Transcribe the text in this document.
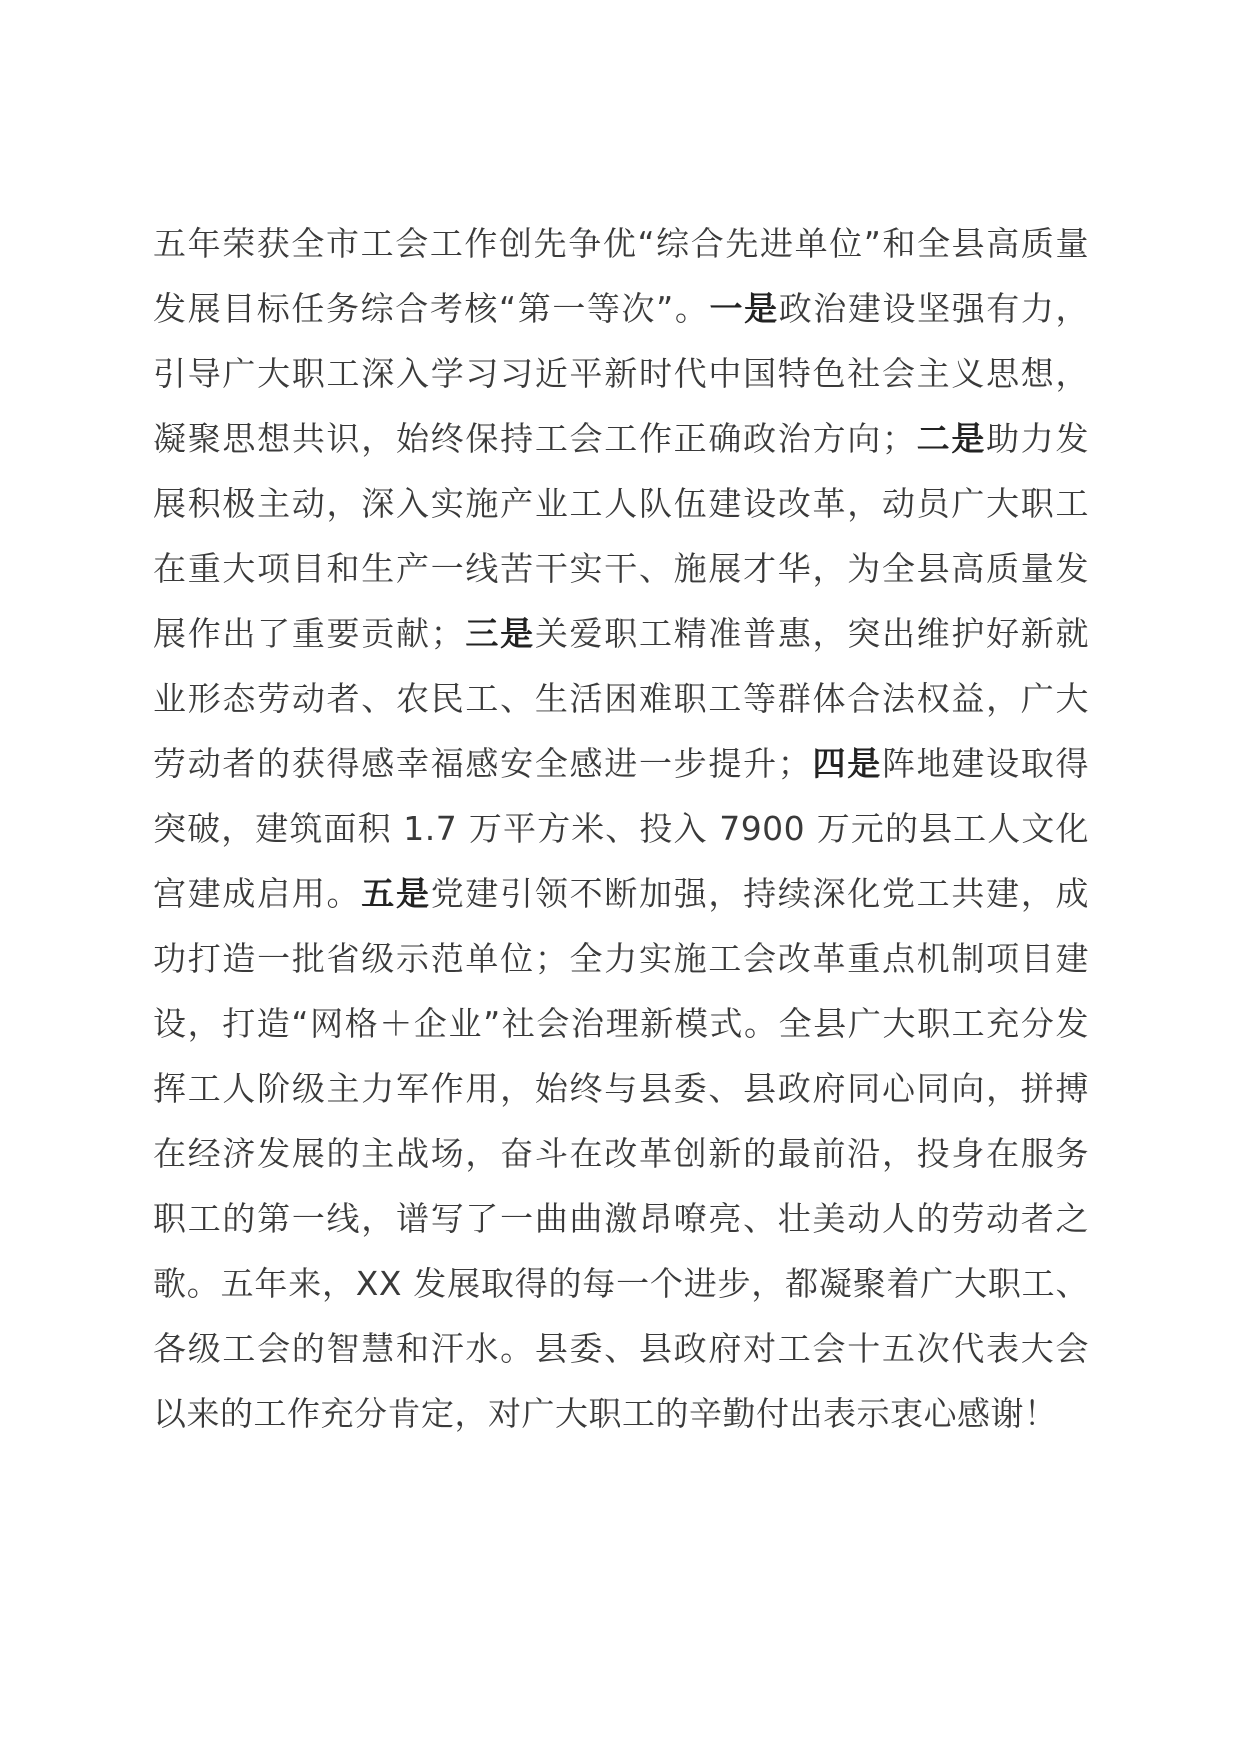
五年荣获全市工会工作创先争优“综合先进单位”和全县高质量发展目标任务综合考核“第一等次”。一是政治建设坚强有力，引导广大职工深入学习习近平新时代中国特色社会主义思想，凝聚思想共识，始终保持工会工作正确政治方向；二是助力发展积极主动，深入实施产业工人队伍建设改革，动员广大职工在重大项目和生产一线苦干实干、施展才华，为全县高质量发展作出了重要贡献；三是关爱职工精准普惠，突出维护好新就业形态劳动者、农民工、生活困难职工等群体合法权益，广大劳动者的获得感幸福感安全感进一步提升；四是阵地建设取得突破，建筑面积 1.7 万平方米、投入 7900 万元的县工人文化宫建成启用。五是党建引领不断加强，持续深化党工共建，成功打造一批省级示范单位；全力实施工会改革重点机制项目建设，打造“网格＋企业”社会治理新模式。全县广大职工充分发挥工人阶级主力军作用，始终与县委、县政府同心同向，拼搏在经济发展的主战场，奋斗在改革创新的最前沿，投身在服务职工的第一线，谱写了一曲曲激昂嘹亮、壮美动人的劳动者之歌。五年来，XX 发展取得的每一个进步，都凝聚着广大职工、各级工会的智慧和汗水。县委、县政府对工会十五次代表大会以来的工作充分肯定，对广大职工的辛勤付出表示衷心感谢！
